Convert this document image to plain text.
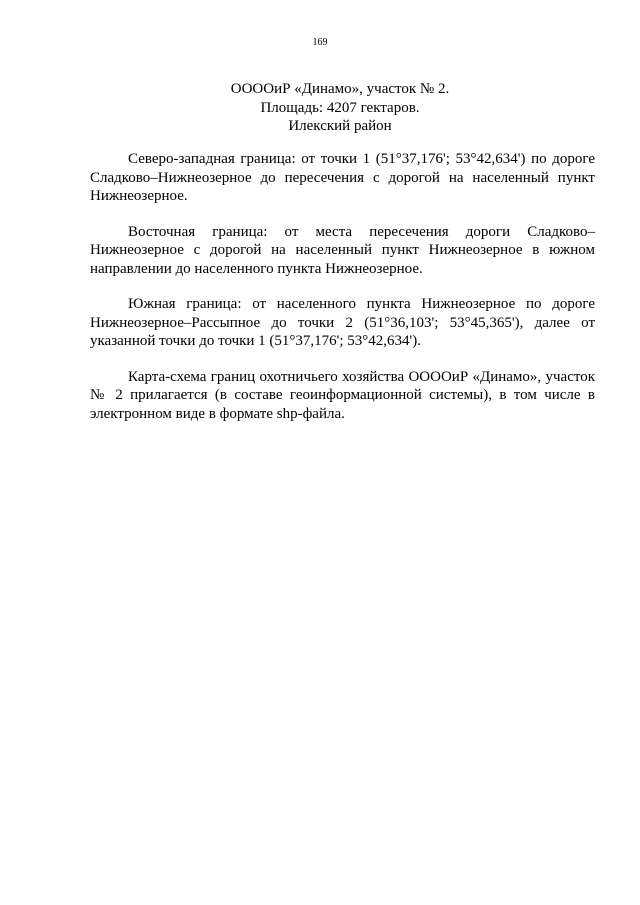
169
ООООиР «Динамо», участок № 2.
Площадь: 4207 гектаров.
Илекский район

Северо-западная граница: от точки 1 (51°37,176'; 53°42,634') по дороге Сладково–Нижнеозерное до пересечения с дорогой на населенный пункт Нижнеозерное.

Восточная граница: от места пересечения дороги Сладково–Нижнеозерное с дорогой на населенный пункт Нижнеозерное в южном направлении до населенного пункта Нижнеозерное.

Южная граница: от населенного пункта Нижнеозерное по дороге Нижнеозерное–Рассыпное до точки 2 (51°36,103'; 53°45,365'), далее от указанной точки до точки 1 (51°37,176'; 53°42,634').

Карта-схема границ охотничьего хозяйства ООООиР «Динамо», участок № 2 прилагается (в составе геоинформационной системы), в том числе в электронном виде в формате shp-файла.
